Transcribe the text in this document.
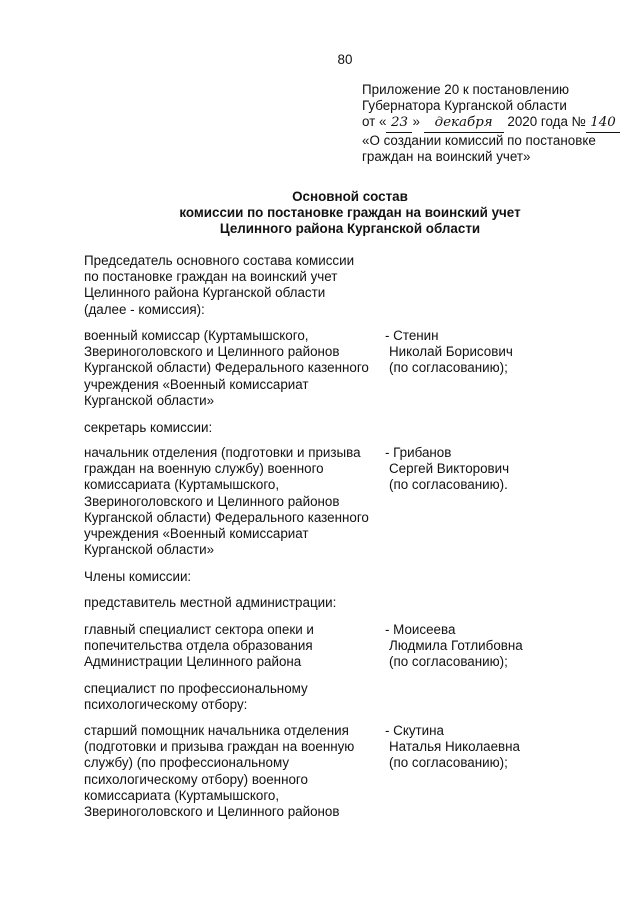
80
Приложение 20 к постановлению
Губернатора Курганской области
от « 23 » декабря 2020 года № 140
«О создании комиссий по постановке
граждан на воинский учет»
Основной состав
комиссии по постановке граждан на воинский учет
Целинного района Курганской области
Председатель основного состава комиссии
по постановке граждан на воинский учет
Целинного района Курганской области
(далее - комиссия):
военный комиссар (Куртамышского,
Звериноголовского и Целинного районов
Курганской области) Федерального казенного
учреждения «Военный комиссариат
Курганской области»
- Стенин
Николай Борисович
(по согласованию);
секретарь комиссии:
начальник отделения (подготовки и призыва
граждан на военную службу) военного
комиссариата (Куртамышского,
Звериноголовского и Целинного районов
Курганской области) Федерального казенного
учреждения «Военный комиссариат
Курганской области»
- Грибанов
Сергей Викторович
(по согласованию).
Члены комиссии:
представитель местной администрации:
главный специалист сектора опеки и
попечительства отдела образования
Администрации Целинного района
- Моисеева
Людмила Готлибовна
(по согласованию);
специалист по профессиональному
психологическому отбору:
старший помощник начальника отделения
(подготовки и призыва граждан на военную
службу) (по профессиональному
психологическому отбору) военного
комиссариата (Куртамышского,
Звериноголовского и Целинного районов
- Скутина
Наталья Николаевна
(по согласованию);
